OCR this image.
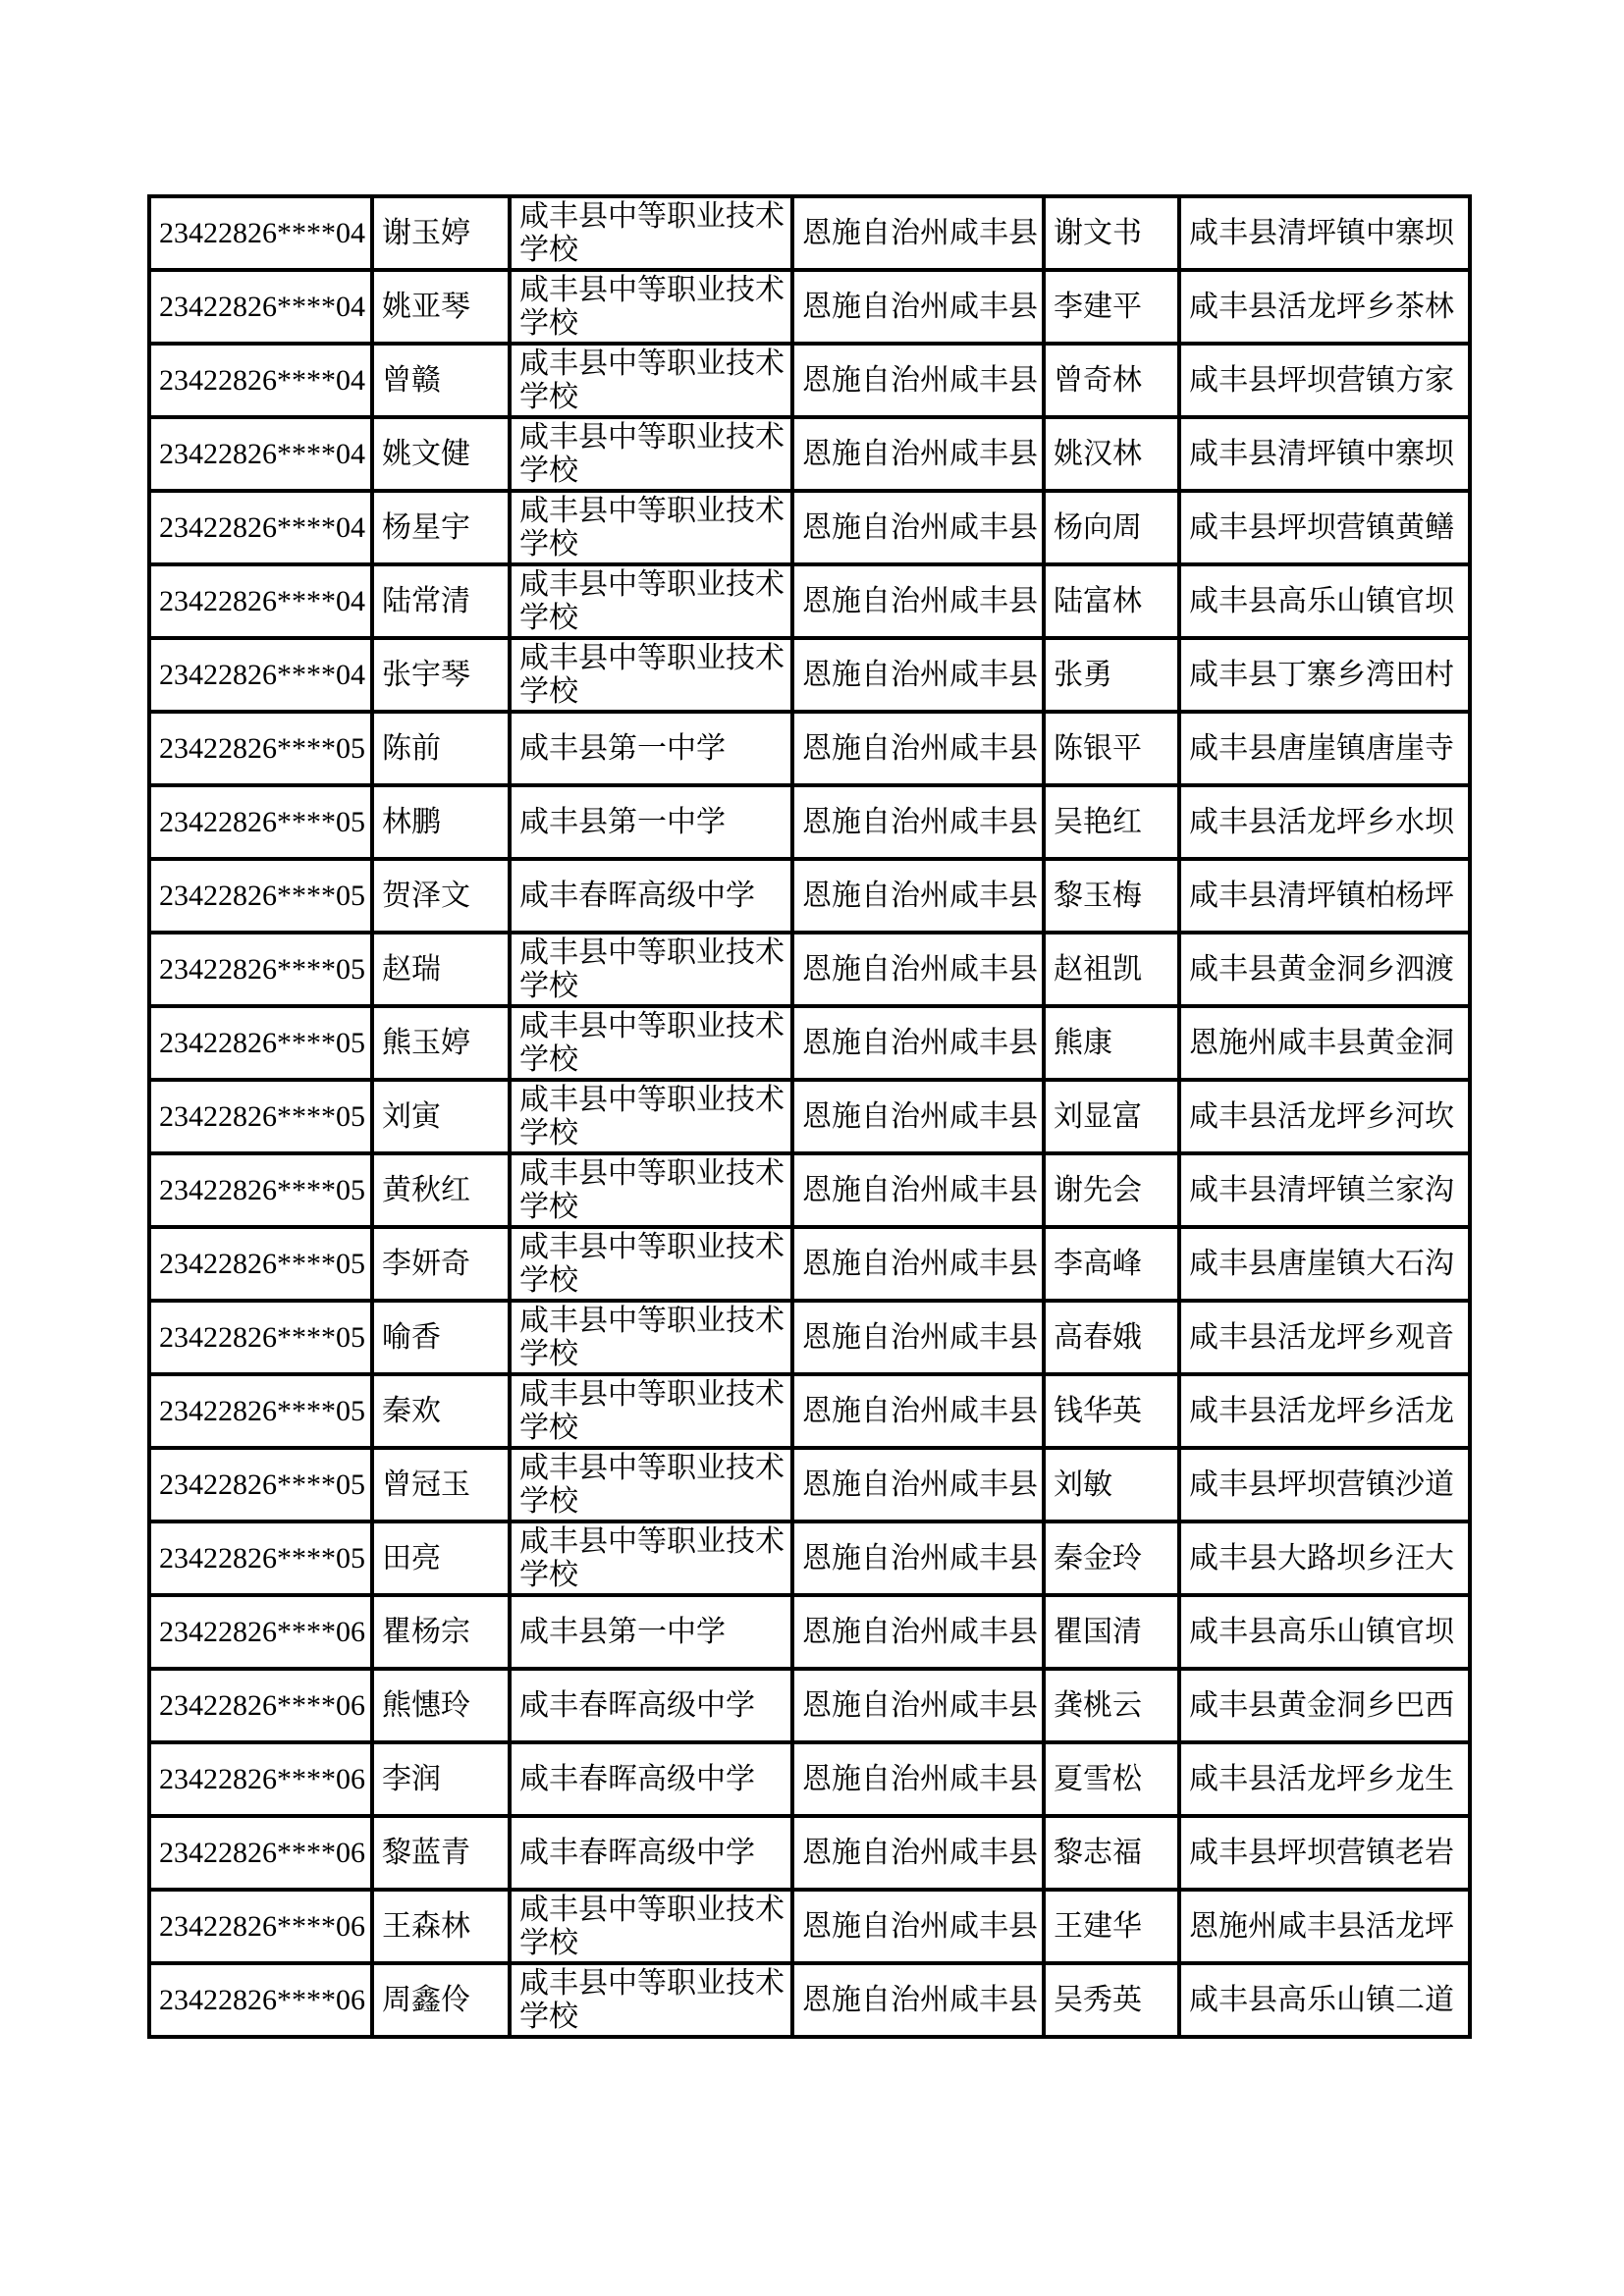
23422826****04	谢玉婷	咸丰县中等职业技术学校	恩施自治州咸丰县	谢文书	咸丰县清坪镇中寨坝
23422826****04	姚亚琴	咸丰县中等职业技术学校	恩施自治州咸丰县	李建平	咸丰县活龙坪乡茶林
23422826****04	曾赣	咸丰县中等职业技术学校	恩施自治州咸丰县	曾奇林	咸丰县坪坝营镇方家
23422826****04	姚文健	咸丰县中等职业技术学校	恩施自治州咸丰县	姚汉林	咸丰县清坪镇中寨坝
23422826****04	杨星宇	咸丰县中等职业技术学校	恩施自治州咸丰县	杨向周	咸丰县坪坝营镇黄鳝
23422826****04	陆常清	咸丰县中等职业技术学校	恩施自治州咸丰县	陆富林	咸丰县高乐山镇官坝
23422826****04	张宇琴	咸丰县中等职业技术学校	恩施自治州咸丰县	张勇	咸丰县丁寨乡湾田村
23422826****05	陈前	咸丰县第一中学	恩施自治州咸丰县	陈银平	咸丰县唐崖镇唐崖寺
23422826****05	林鹏	咸丰县第一中学	恩施自治州咸丰县	吴艳红	咸丰县活龙坪乡水坝
23422826****05	贺泽文	咸丰春晖高级中学	恩施自治州咸丰县	黎玉梅	咸丰县清坪镇柏杨坪
23422826****05	赵瑞	咸丰县中等职业技术学校	恩施自治州咸丰县	赵祖凯	咸丰县黄金洞乡泗渡
23422826****05	熊玉婷	咸丰县中等职业技术学校	恩施自治州咸丰县	熊康	恩施州咸丰县黄金洞
23422826****05	刘寅	咸丰县中等职业技术学校	恩施自治州咸丰县	刘显富	咸丰县活龙坪乡河坎
23422826****05	黄秋红	咸丰县中等职业技术学校	恩施自治州咸丰县	谢先会	咸丰县清坪镇兰家沟
23422826****05	李妍奇	咸丰县中等职业技术学校	恩施自治州咸丰县	李高峰	咸丰县唐崖镇大石沟
23422826****05	喻香	咸丰县中等职业技术学校	恩施自治州咸丰县	高春娥	咸丰县活龙坪乡观音
23422826****05	秦欢	咸丰县中等职业技术学校	恩施自治州咸丰县	钱华英	咸丰县活龙坪乡活龙
23422826****05	曾冠玉	咸丰县中等职业技术学校	恩施自治州咸丰县	刘敏	咸丰县坪坝营镇沙道
23422826****05	田亮	咸丰县中等职业技术学校	恩施自治州咸丰县	秦金玲	咸丰县大路坝乡汪大
23422826****06	瞿杨宗	咸丰县第一中学	恩施自治州咸丰县	瞿国清	咸丰县高乐山镇官坝
23422826****06	熊憓玲	咸丰春晖高级中学	恩施自治州咸丰县	龚桃云	咸丰县黄金洞乡巴西
23422826****06	李润	咸丰春晖高级中学	恩施自治州咸丰县	夏雪松	咸丰县活龙坪乡龙生
23422826****06	黎蓝青	咸丰春晖高级中学	恩施自治州咸丰县	黎志福	咸丰县坪坝营镇老岩
23422826****06	王森林	咸丰县中等职业技术学校	恩施自治州咸丰县	王建华	恩施州咸丰县活龙坪
23422826****06	周鑫伶	咸丰县中等职业技术学校	恩施自治州咸丰县	吴秀英	咸丰县高乐山镇二道
